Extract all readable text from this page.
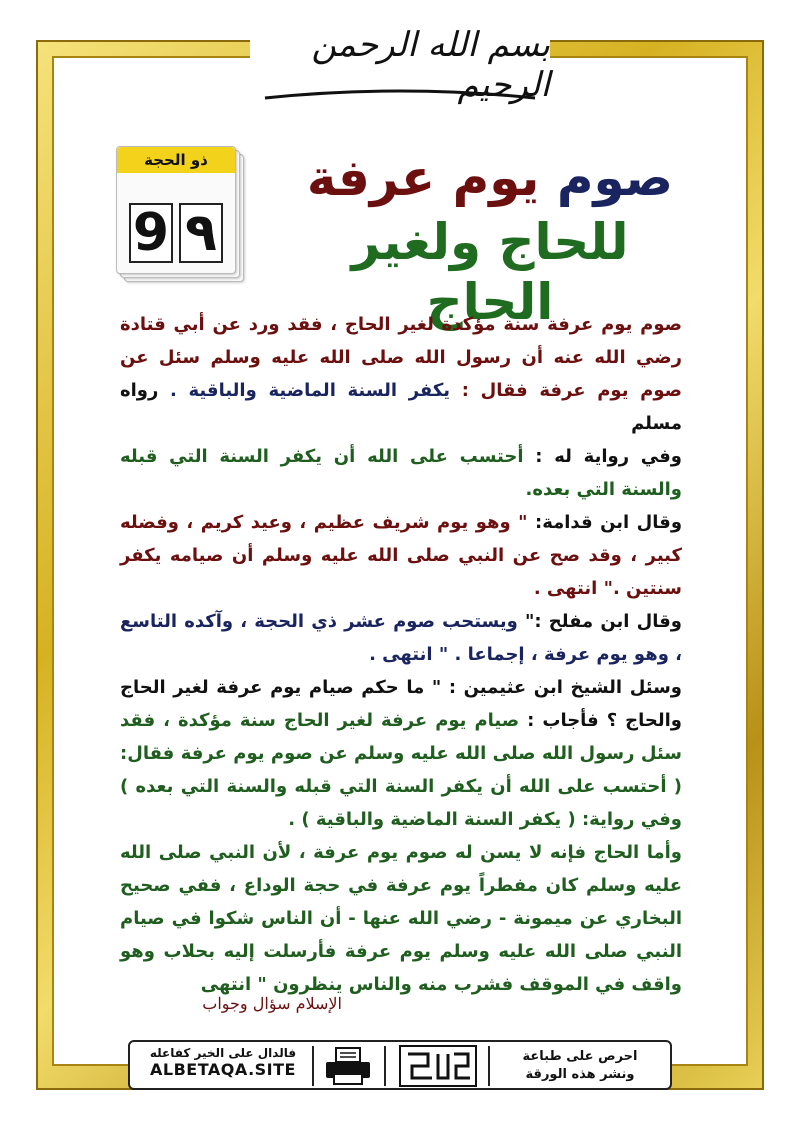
بسم الله الرحمن الرحيم
ذو الحجة
9 ٩
صوم يوم عرفة
للحاج ولغير الحاج

صوم يوم عرفة سنة مؤكدة لغير الحاج ، فقد ورد عن أبي قتادة رضي الله عنه أن رسول الله صلى الله عليه وسلم سئل عن صوم يوم عرفة فقال : يكفر السنة الماضية والباقية . رواه مسلم

وفي رواية له : أحتسب على الله أن يكفر السنة التي قبله والسنة التي بعده.

وقال ابن قدامة: " وهو يوم شريف عظيم ، وعيد كريم ، وفضله كبير ، وقد صح عن النبي صلى الله عليه وسلم أن صيامه يكفر سنتين ." انتهى .

وقال ابن مفلح :" ويستحب صوم عشر ذي الحجة ، وآكده التاسع ، وهو يوم عرفة ، إجماعا . " انتهى .

وسئل الشيخ ابن عثيمين : " ما حكم صيام يوم عرفة لغير الحاج والحاج ؟ فأجاب : صيام يوم عرفة لغير الحاج سنة مؤكدة ، فقد سئل رسول الله صلى الله عليه وسلم عن صوم يوم عرفة فقال: ( أحتسب على الله أن يكفر السنة التي قبله والسنة التي بعده ) وفي رواية: ( يكفر السنة الماضية والباقية ) .

وأما الحاج فإنه لا يسن له صوم يوم عرفة ، لأن النبي صلى الله عليه وسلم كان مفطراً يوم عرفة في حجة الوداع ، ففي صحيح البخاري عن ميمونة - رضي الله عنها - أن الناس شكوا في صيام النبي صلى الله عليه وسلم يوم عرفة فأرسلت إليه بحلاب وهو واقف في الموقف فشرب منه والناس ينظرون " انتهى

الإسلام سؤال وجواب
فالدال على الخير كفاعله
ALBETAQA.SITE
احرص على طباعة
ونشر هذه الورقة
